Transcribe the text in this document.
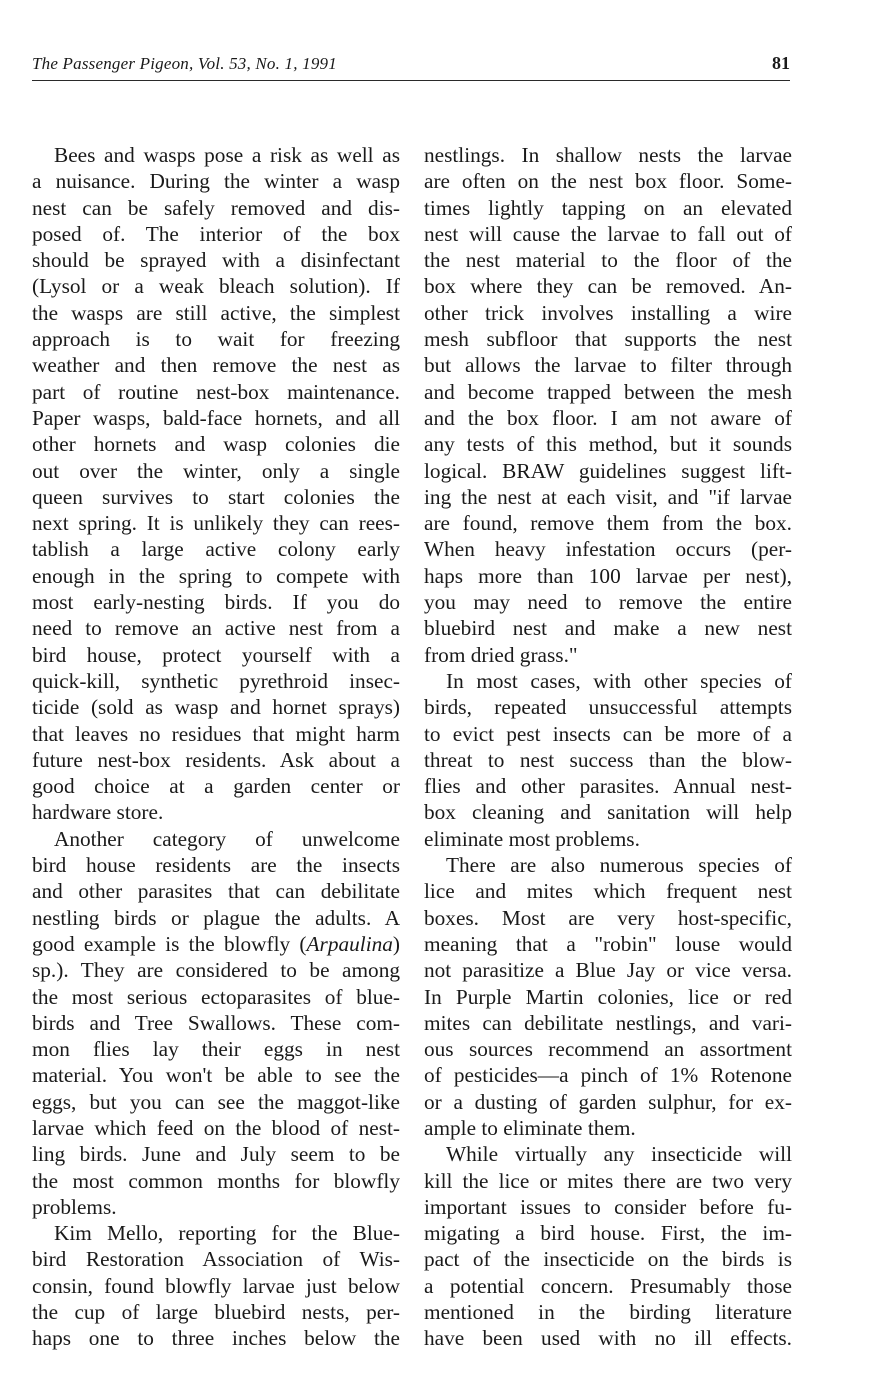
The Passenger Pigeon, Vol. 53, No. 1, 1991	81

Bees and wasps pose a risk as well as
a nuisance. During the winter a wasp
nest can be safely removed and dis-
posed of. The interior of the box
should be sprayed with a disinfectant
(Lysol or a weak bleach solution). If
the wasps are still active, the simplest
approach is to wait for freezing
weather and then remove the nest as
part of routine nest-box maintenance.
Paper wasps, bald-face hornets, and all
other hornets and wasp colonies die
out over the winter, only a single
queen survives to start colonies the
next spring. It is unlikely they can rees-
tablish a large active colony early
enough in the spring to compete with
most early-nesting birds. If you do
need to remove an active nest from a
bird house, protect yourself with a
quick-kill, synthetic pyrethroid insec-
ticide (sold as wasp and hornet sprays)
that leaves no residues that might harm
future nest-box residents. Ask about a
good choice at a garden center or
hardware store.

Another category of unwelcome
bird house residents are the insects
and other parasites that can debilitate
nestling birds or plague the adults. A
good example is the blowfly (Arpaulina)
sp.). They are considered to be among
the most serious ectoparasites of blue-
birds and Tree Swallows. These com-
mon flies lay their eggs in nest
material. You won't be able to see the
eggs, but you can see the maggot-like
larvae which feed on the blood of nest-
ling birds. June and July seem to be
the most common months for blowfly
problems.

Kim Mello, reporting for the Blue-
bird Restoration Association of Wis-
consin, found blowfly larvae just below
the cup of large bluebird nests, per-
haps one to three inches below the

nestlings. In shallow nests the larvae
are often on the nest box floor. Some-
times lightly tapping on an elevated
nest will cause the larvae to fall out of
the nest material to the floor of the
box where they can be removed. An-
other trick involves installing a wire
mesh subfloor that supports the nest
but allows the larvae to filter through
and become trapped between the mesh
and the box floor. I am not aware of
any tests of this method, but it sounds
logical. BRAW guidelines suggest lift-
ing the nest at each visit, and "if larvae
are found, remove them from the box.
When heavy infestation occurs (per-
haps more than 100 larvae per nest),
you may need to remove the entire
bluebird nest and make a new nest
from dried grass."

In most cases, with other species of
birds, repeated unsuccessful attempts
to evict pest insects can be more of a
threat to nest success than the blow-
flies and other parasites. Annual nest-
box cleaning and sanitation will help
eliminate most problems.

There are also numerous species of
lice and mites which frequent nest
boxes. Most are very host-specific,
meaning that a "robin" louse would
not parasitize a Blue Jay or vice versa.
In Purple Martin colonies, lice or red
mites can debilitate nestlings, and vari-
ous sources recommend an assortment
of pesticides—a pinch of 1% Rotenone
or a dusting of garden sulphur, for ex-
ample to eliminate them.

While virtually any insecticide will
kill the lice or mites there are two very
important issues to consider before fu-
migating a bird house. First, the im-
pact of the insecticide on the birds is
a potential concern. Presumably those
mentioned in the birding literature
have been used with no ill effects.
